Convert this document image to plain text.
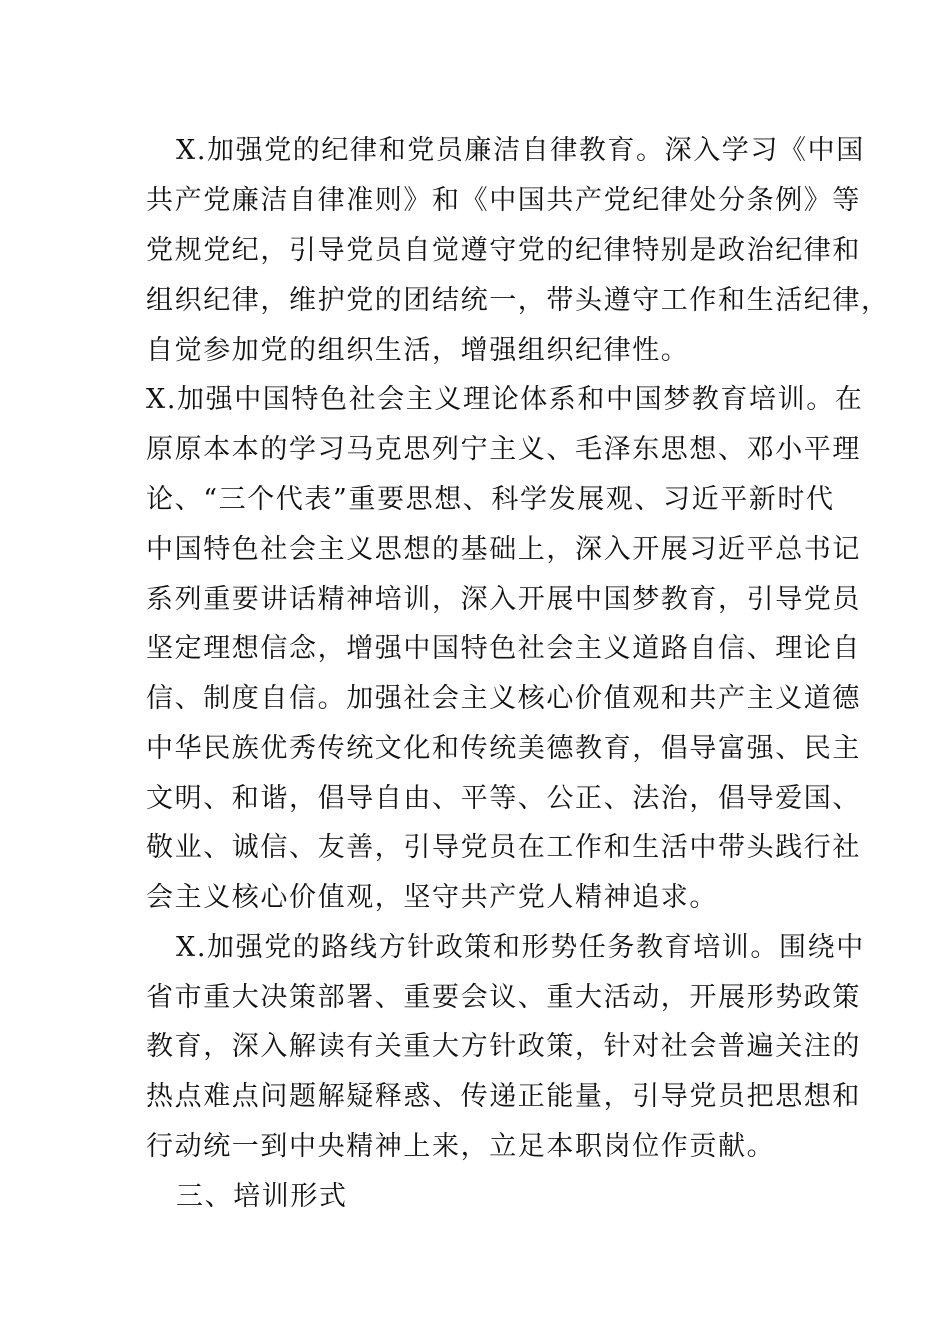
X.加强党的纪律和党员廉洁自律教育。深入学习《中国
共产党廉洁自律准则》和《中国共产党纪律处分条例》等
党规党纪，引导党员自觉遵守党的纪律特别是政治纪律和
组织纪律，维护党的团结统一，带头遵守工作和生活纪律，
自觉参加党的组织生活，增强组织纪律性。
X.加强中国特色社会主义理论体系和中国梦教育培训。在
原原本本的学习马克思列宁主义、毛泽东思想、邓小平理
论、“三个代表”重要思想、科学发展观、习近平新时代
中国特色社会主义思想的基础上，深入开展习近平总书记
系列重要讲话精神培训，深入开展中国梦教育，引导党员
坚定理想信念，增强中国特色社会主义道路自信、理论自
信、制度自信。加强社会主义核心价值观和共产主义道德
中华民族优秀传统文化和传统美德教育，倡导富强、民主
文明、和谐，倡导自由、平等、公正、法治，倡导爱国、
敬业、诚信、友善，引导党员在工作和生活中带头践行社
会主义核心价值观，坚守共产党人精神追求。
X.加强党的路线方针政策和形势任务教育培训。围绕中
省市重大决策部署、重要会议、重大活动，开展形势政策
教育，深入解读有关重大方针政策，针对社会普遍关注的
热点难点问题解疑释惑、传递正能量，引导党员把思想和
行动统一到中央精神上来，立足本职岗位作贡献。
三、培训形式
